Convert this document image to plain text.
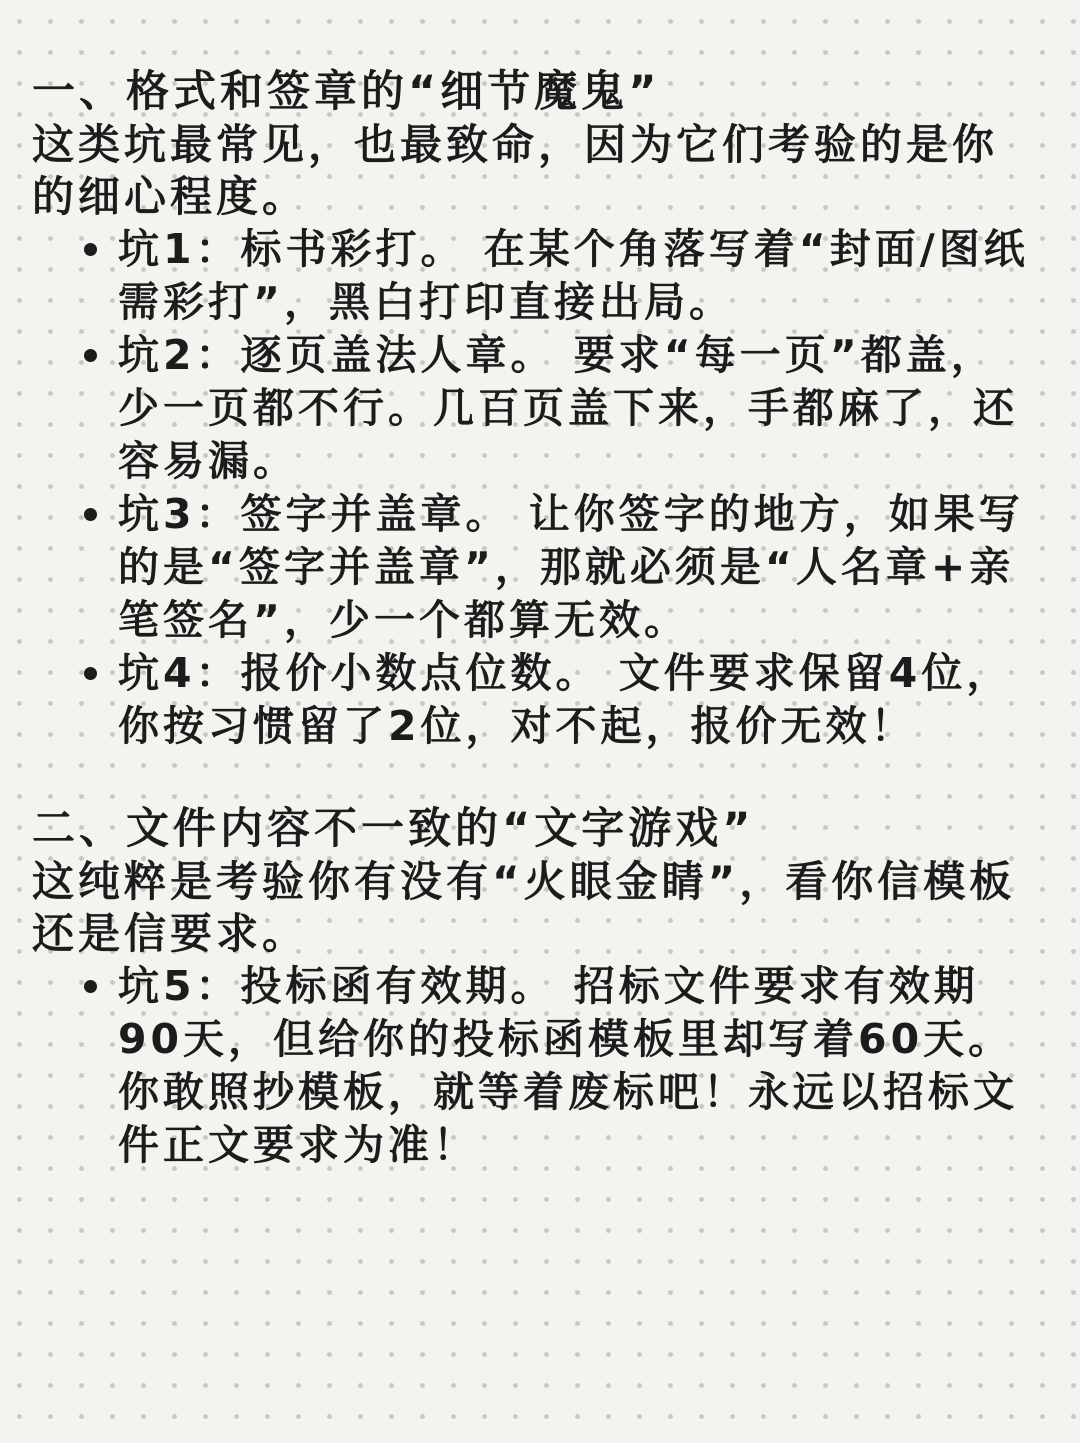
一、格式和签章的“细节魔鬼”

这类坑最常见，也最致命，因为它们考验的是你的细心程度。

坑1：标书彩打。 在某个角落写着“封面/图纸需彩打”，黑白打印直接出局。
坑2：逐页盖法人章。 要求“每一页”都盖，少一页都不行。几百页盖下来，手都麻了，还容易漏。
坑3：签字并盖章。 让你签字的地方，如果写的是“签字并盖章”，那就必须是“人名章+亲笔签名”，少一个都算无效。
坑4：报价小数点位数。 文件要求保留4位，你按习惯留了2位，对不起，报价无效！
二、文件内容不一致的“文字游戏”

这纯粹是考验你有没有“火眼金睛”，看你信模板还是信要求。

坑5：投标函有效期。 招标文件要求有效期90天，但给你的投标函模板里却写着60天。你敢照抄模板，就等着废标吧！永远以招标文件正文要求为准！
